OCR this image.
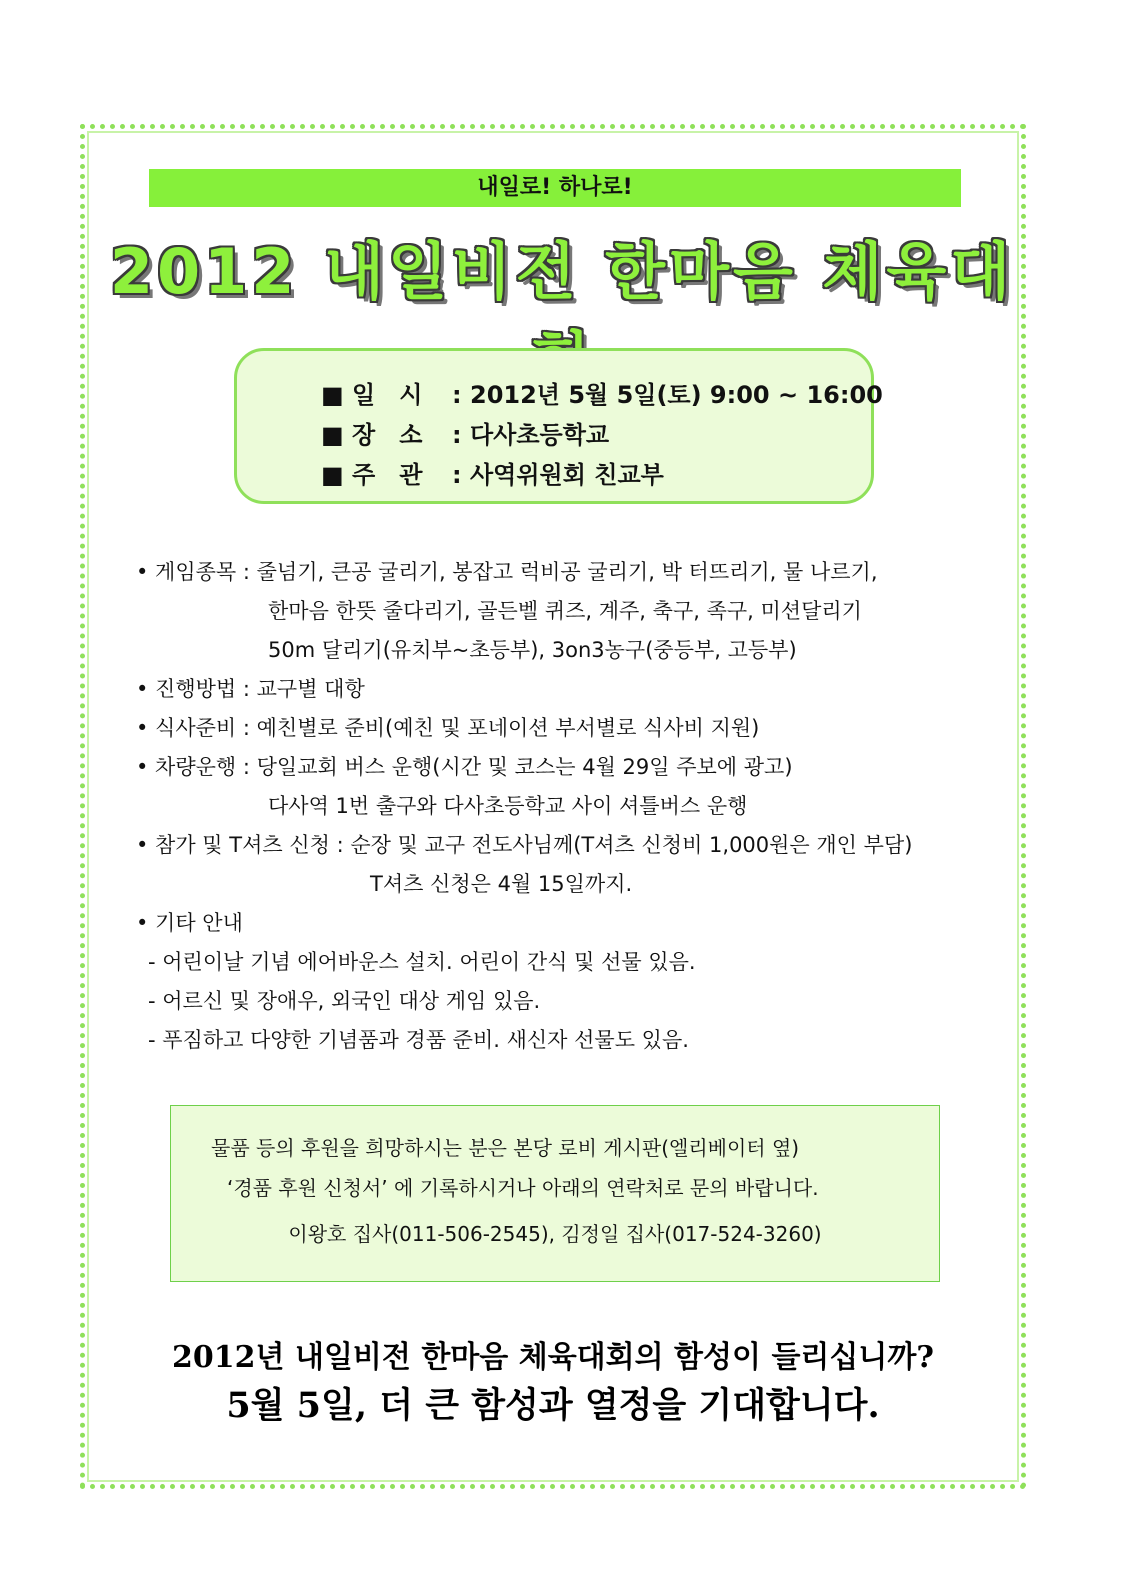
내일로! 하나로!
2012 내일비전 한마음 체육대
■ 일　시 : 2012년 5월 5일(토) 9:00 ~ 16:00
■ 장　소 : 다사초등학교
■ 주　관 : 사역위원회 친교부
• 게임종목 : 줄넘기, 큰공 굴리기, 봉잡고 럭비공 굴리기, 박 터뜨리기, 물 나르기,
한마음 한뜻 줄다리기, 골든벨 퀴즈, 계주, 축구, 족구, 미션달리기
50m 달리기(유치부~초등부), 3on3농구(중등부, 고등부)
• 진행방법 : 교구별 대항
• 식사준비 : 예친별로 준비(예친 및 포네이션 부서별로 식사비 지원)
• 차량운행 : 당일교회 버스 운행(시간 및 코스는 4월 29일 주보에 광고)
다사역 1번 출구와 다사초등학교 사이 셔틀버스 운행
• 참가 및 T셔츠 신청 : 순장 및 교구 전도사님께(T셔츠 신청비 1,000원은 개인 부담)
T셔츠 신청은 4월 15일까지.
• 기타 안내
- 어린이날 기념 에어바운스 설치. 어린이 간식 및 선물 있음.
- 어르신 및 장애우, 외국인 대상 게임 있음.
- 푸짐하고 다양한 기념품과 경품 준비. 새신자 선물도 있음.
물품 등의 후원을 희망하시는 분은 본당 로비 게시판(엘리베이터 옆)
‘경품 후원 신청서’ 에 기록하시거나 아래의 연락처로 문의 바랍니다.
이왕호 집사(011-506-2545), 김정일 집사(017-524-3260)
2012년 내일비전 한마음 체육대회의 함성이 들리십니까?
5월 5일, 더 큰 함성과 열정을 기대합니다.
